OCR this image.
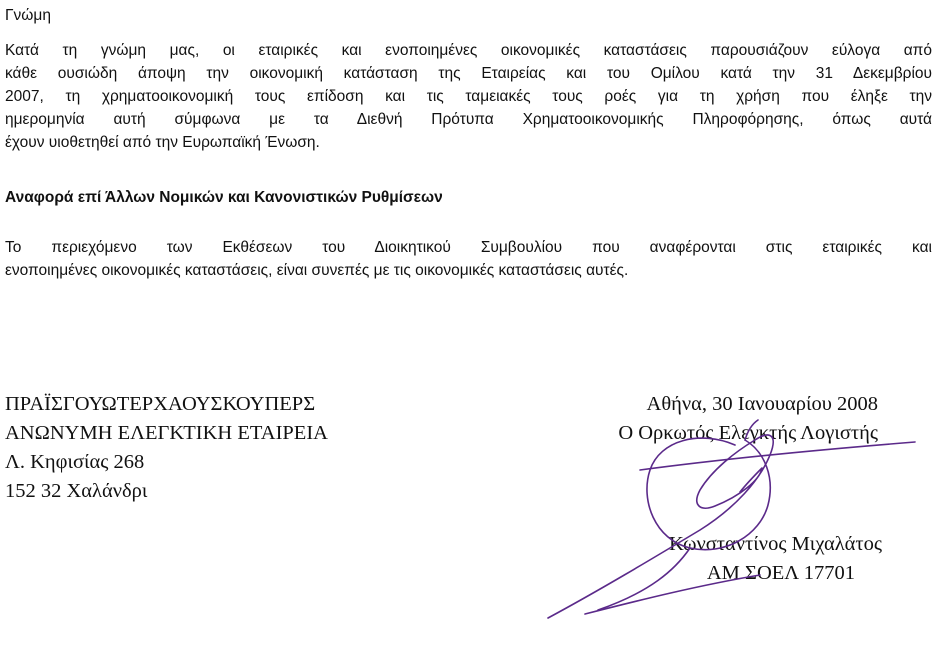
Γνώμη
Κατά τη γνώμη μας, οι εταιρικές και ενοποιημένες οικονομικές καταστάσεις παρουσιάζουν εύλογα από
κάθε ουσιώδη άποψη την οικονομική κατάσταση της Εταιρείας και του Ομίλου κατά την 31 Δεκεμβρίου
2007, τη χρηματοοικονομική τους επίδοση και τις ταμειακές τους ροές για τη χρήση που έληξε την
ημερομηνία αυτή σύμφωνα με τα Διεθνή Πρότυπα Χρηματοοικονομικής Πληροφόρησης, όπως αυτά
έχουν υιοθετηθεί από την Ευρωπαϊκή Ένωση.
Αναφορά επί Άλλων Νομικών και Κανονιστικών Ρυθμίσεων
Το περιεχόμενο των Εκθέσεων του Διοικητικού Συμβουλίου που αναφέρονται στις εταιρικές και
ενοποιημένες οικονομικές καταστάσεις, είναι συνεπές με τις οικονομικές καταστάσεις αυτές.
ΠΡΑΪΣΓΟΥΩΤΕΡΧΑΟΥΣΚΟΥΠΕΡΣ
ΑΝΩΝΥΜΗ ΕΛΕΓΚΤΙΚΗ ΕΤΑΙΡΕΙΑ
Λ. Κηφισίας 268
152 32 Χαλάνδρι
Αθήνα, 30 Ιανουαρίου 2008
Ο Ορκωτός Ελεγκτής Λογιστής
Κωνσταντίνος Μιχαλάτος
ΑΜ ΣΟΕΛ 17701
